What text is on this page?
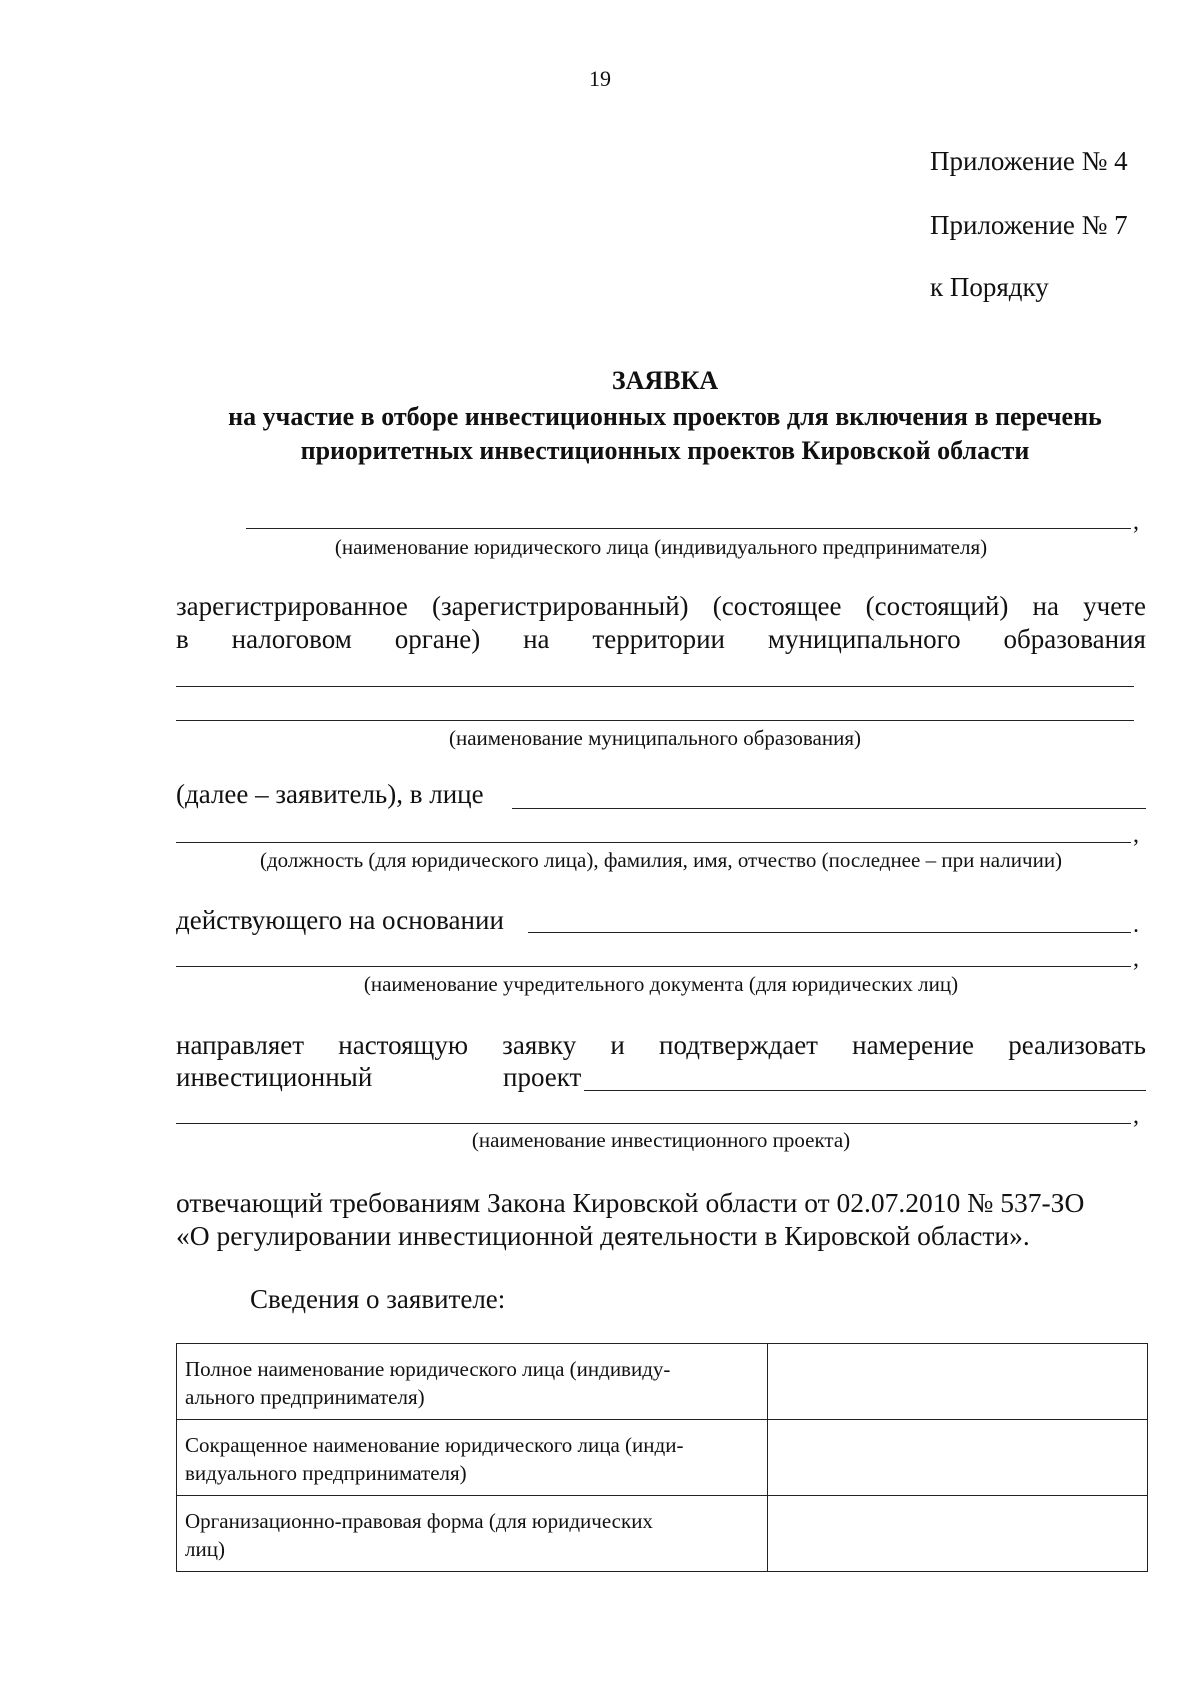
19
Приложение № 4
Приложение № 7
к Порядку
ЗАЯВКА
на участие в отборе инвестиционных проектов для включения в перечень
приоритетных инвестиционных проектов Кировской области
,
(наименование юридического лица (индивидуального предпринимателя)
зарегистрированное (зарегистрированный) (состоящее (состоящий) на учете
в налоговом органе) на территории муниципального образования
(наименование муниципального образования)
(далее – заявитель), в лице
,
(должность (для юридического лица), фамилия, имя, отчество (последнее – при наличии)
действующего на основании	.
,
(наименование учредительного документа (для юридических лиц)
направляет настоящую заявку и подтверждает намерение реализовать
инвестиционный	проект
,
(наименование инвестиционного проекта)
отвечающий требованиям Закона Кировской области от 02.07.2010 № 537-ЗО
«О регулировании инвестиционной деятельности в Кировской области».
Сведения о заявителе:
Полное наименование юридического лица (индивиду-
ального предпринимателя)	

Сокращенное наименование юридического лица (инди-
видуального предпринимателя)	

Организационно-правовая форма (для юридических
лиц)	
